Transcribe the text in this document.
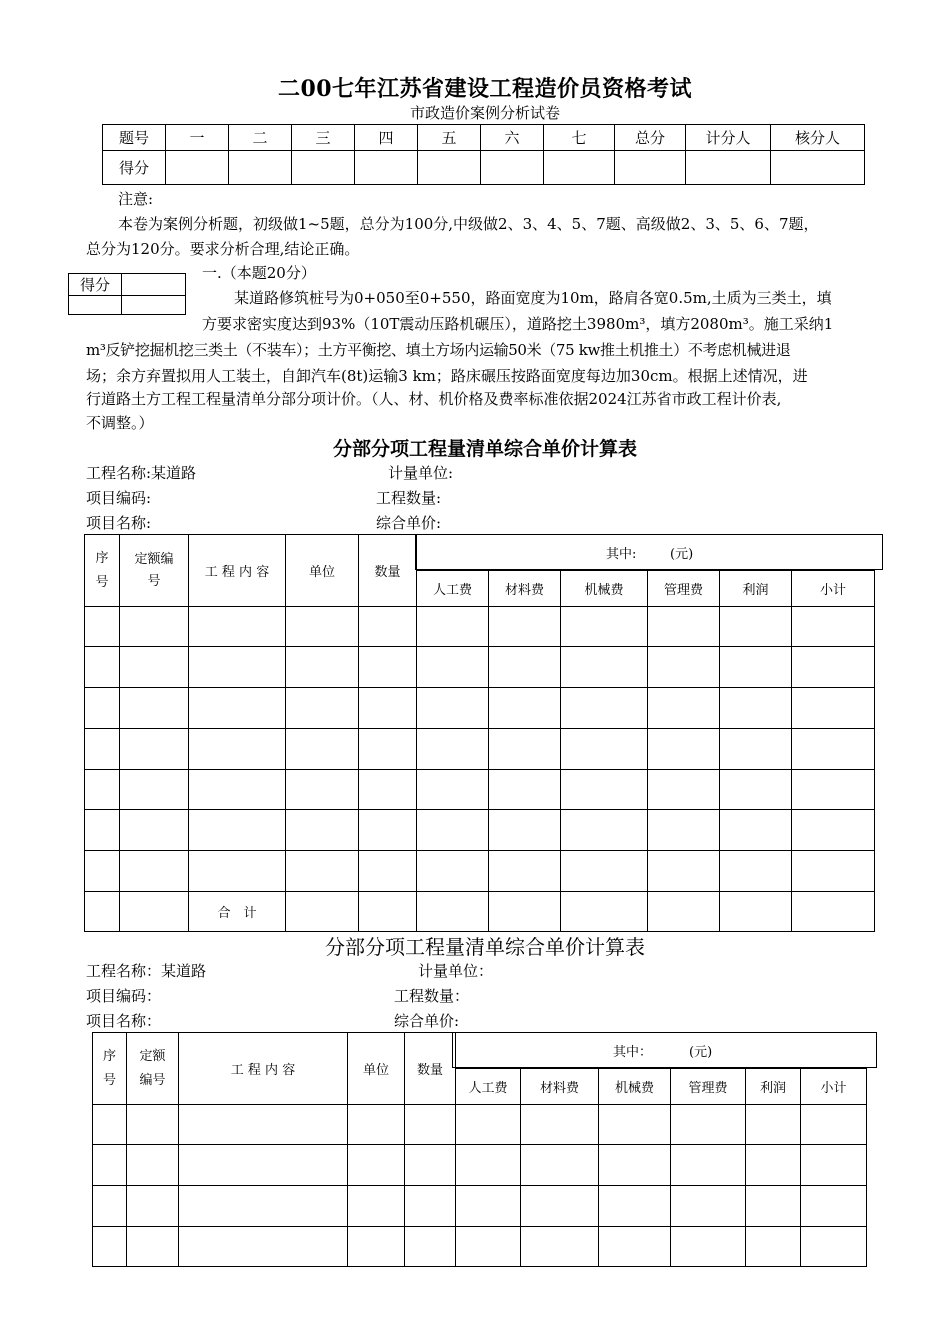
二00七年江苏省建设工程造价员资格考试
市政造价案例分析试卷
题号	一	二	三	四	五	六	七	总分	计分人	核分人
得分										
注意:
本卷为案例分析题，初级做1~5题，总分为100分,中级做2、3、4、5、7题、高级做2、3、5、6、7题，
总分为120分。要求分析合理,结论正确。
得分	

一.（本题20分）
某道路修筑桩号为0+050至0+550，路面宽度为10m，路肩各宽0.5m,土质为三类土，填
方要求密实度达到93%（10T震动压路机碾压），道路挖土3980m³，填方2080m³。施工采纳1
m³反铲挖掘机挖三类土（不装车）；土方平衡挖、填土方场内运输50米（75 kw推土机推土）不考虑机械进退
场；余方弃置拟用人工装土，自卸汽车(8t)运输3 km；路床碾压按路面宽度每边加30cm。根据上述情况，进
行道路土方工程工程量清单分部分项计价。（人、材、机价格及费率标准依据2024江苏省市政工程计价表,
不调整。）
分部分项工程量清单综合单价计算表
工程名称:某道路	计量单位:
项目编码:	工程数量:
项目名称:	综合单价:
其中:	(元)
序号	定额编号	工 程 内 容	单位	数量						
					人工费	材料费	机械费	管理费	利润	小计

		合　计								
分部分项工程量清单综合单价计算表
工程名称：某道路	计量单位：
项目编码：	工程数量：
项目名称：	综合单价:
其中：	(元)
序号	定额编号	工 程 内 容	单位	数量						
					人工费	材料费	机械费	管理费	利润	小计
